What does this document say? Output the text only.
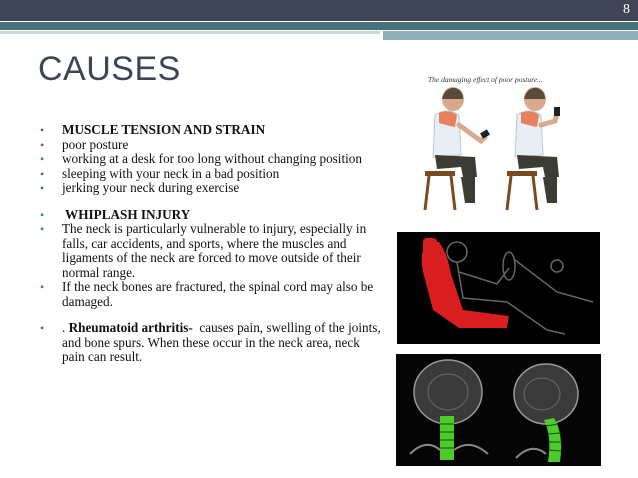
8
CAUSES

• MUSCLE TENSION AND STRAIN

• poor posture

• working at a desk for too long without changing position

• sleeping with your neck in a bad position

• jerking your neck during exercise

•  WHIPLASH INJURY

• The neck is particularly vulnerable to injury, especially in falls, car accidents, and sports, where the muscles and ligaments of the neck are forced to move outside of their normal range.

• If the neck bones are fractured, the spinal cord may also be damaged.

• . Rheumatoid arthritis-  causes pain, swelling of the joints, and bone spurs. When these occur in the neck area, neck pain can result.

The damaging effect of poor posture...
